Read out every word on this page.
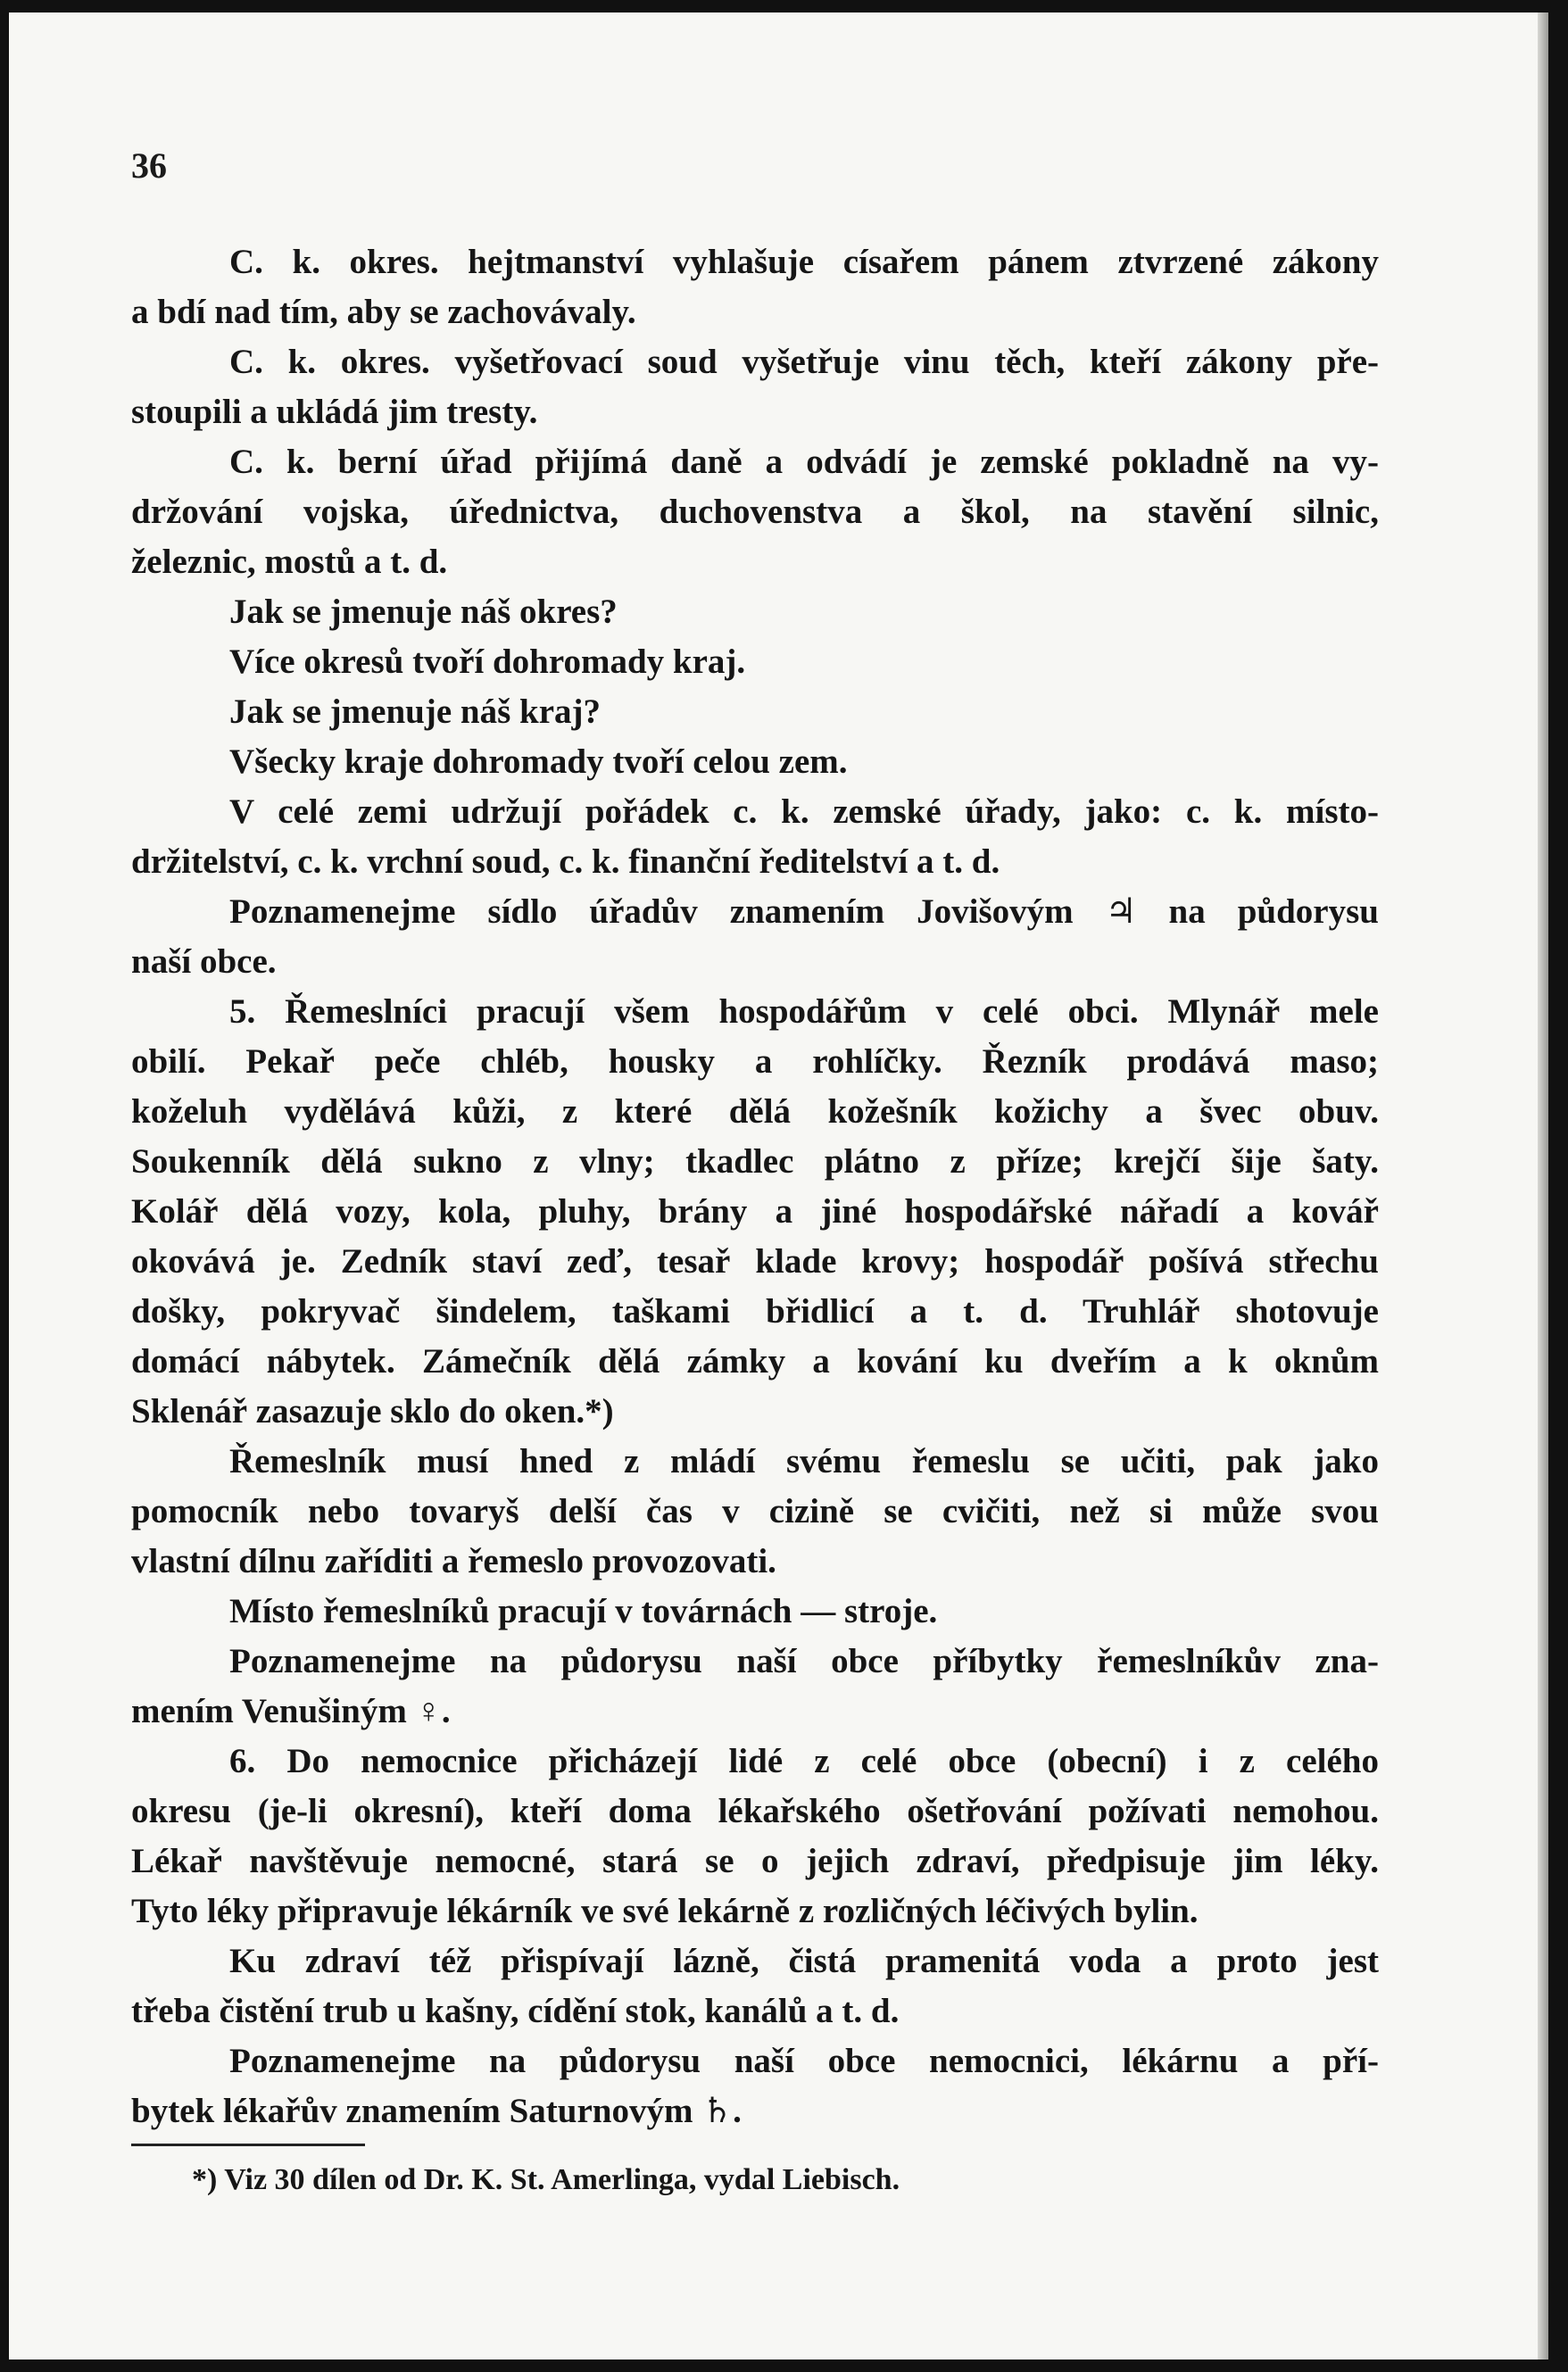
36
C. k. okres. hejtmanství vyhlašuje císařem pánem ztvrzené zákony
a bdí nad tím, aby se zachovávaly.
C. k. okres. vyšetřovací soud vyšetřuje vinu těch, kteří zákony pře-
stoupili a ukládá jim tresty.
C. k. berní úřad přijímá daně a odvádí je zemské pokladně na vy-
držování vojska, úřednictva, duchovenstva a škol, na stavění silnic,
železnic, mostů a t. d.
Jak se jmenuje náš okres?
Více okresů tvoří dohromady kraj.
Jak se jmenuje náš kraj?
Všecky kraje dohromady tvoří celou zem.
V celé zemi udržují pořádek c. k. zemské úřady, jako: c. k. místo-
držitelství, c. k. vrchní soud, c. k. finanční ředitelství a t. d.
Poznamenejme sídlo úřadův znamením Jovišovým ♃ na půdorysu
naší obce.
5. Řemeslníci pracují všem hospodářům v celé obci. Mlynář mele
obilí. Pekař peče chléb, housky a rohlíčky. Řezník prodává maso;
koželuh vydělává kůži, z které dělá kožešník kožichy a švec obuv.
Soukenník dělá sukno z vlny; tkadlec plátno z příze; krejčí šije šaty.
Kolář dělá vozy, kola, pluhy, brány a jiné hospodářské nářadí a kovář
okovává je. Zedník staví zeď, tesař klade krovy; hospodář pošívá střechu
došky, pokryvač šindelem, taškami břidlicí a t. d. Truhlář shotovuje
domácí nábytek. Zámečník dělá zámky a kování ku dveřím a k oknům
Sklenář zasazuje sklo do oken.*)
Řemeslník musí hned z mládí svému řemeslu se učiti, pak jako
pomocník nebo tovaryš delší čas v cizině se cvičiti, než si může svou
vlastní dílnu zaříditi a řemeslo provozovati.
Místo řemeslníků pracují v továrnách — stroje.
Poznamenejme na půdorysu naší obce příbytky řemeslníkův zna-
mením Venušiným ♀.
6. Do nemocnice přicházejí lidé z celé obce (obecní) i z celého
okresu (je-li okresní), kteří doma lékařského ošetřování požívati nemohou.
Lékař navštěvuje nemocné, stará se o jejich zdraví, předpisuje jim léky.
Tyto léky připravuje lékárník ve své lekárně z rozličných léčivých bylin.
Ku zdraví též přispívají lázně, čistá pramenitá voda a proto jest
třeba čistění trub u kašny, cídění stok, kanálů a t. d.
Poznamenejme na půdorysu naší obce nemocnici, lékárnu a pří-
bytek lékařův znamením Saturnovým ♄.
*) Viz 30 dílen od Dr. K. St. Amerlinga, vydal Liebisch.
